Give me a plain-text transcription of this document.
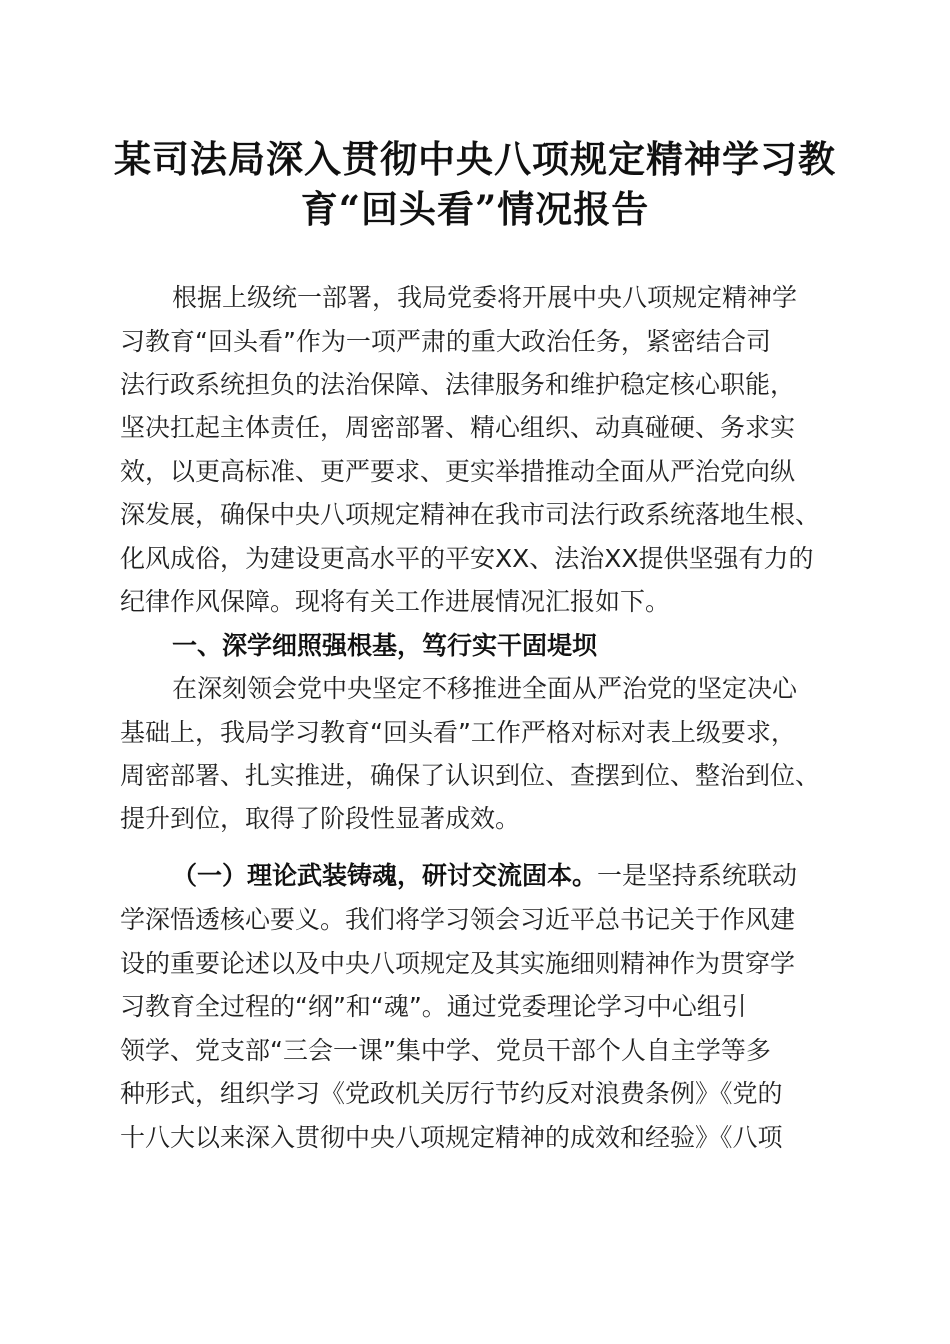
某司法局深入贯彻中央八项规定精神学习教
育“回头看”情况报告

根据上级统一部署，我局党委将开展中央八项规定精神学

习教育“回头看”作为一项严肃的重大政治任务，紧密结合司

法行政系统担负的法治保障、法律服务和维护稳定核心职能，

坚决扛起主体责任，周密部署、精心组织、动真碰硬、务求实

效，以更高标准、更严要求、更实举措推动全面从严治党向纵

深发展，确保中央八项规定精神在我市司法行政系统落地生根、

化风成俗，为建设更高水平的平安XX、法治XX提供坚强有力的

纪律作风保障。现将有关工作进展情况汇报如下。

一、深学细照强根基，笃行实干固堤坝

在深刻领会党中央坚定不移推进全面从严治党的坚定决心

基础上，我局学习教育“回头看”工作严格对标对表上级要求，

周密部署、扎实推进，确保了认识到位、查摆到位、整治到位、

提升到位，取得了阶段性显著成效。

（一）理论武装铸魂，研讨交流固本。一是坚持系统联动

学深悟透核心要义。我们将学习领会习近平总书记关于作风建

设的重要论述以及中央八项规定及其实施细则精神作为贯穿学

习教育全过程的“纲”和“魂”。通过党委理论学习中心组引

领学、党支部“三会一课”集中学、党员干部个人自主学等多

种形式，组织学习《党政机关厉行节约反对浪费条例》《党的

十八大以来深入贯彻中央八项规定精神的成效和经验》《八项
